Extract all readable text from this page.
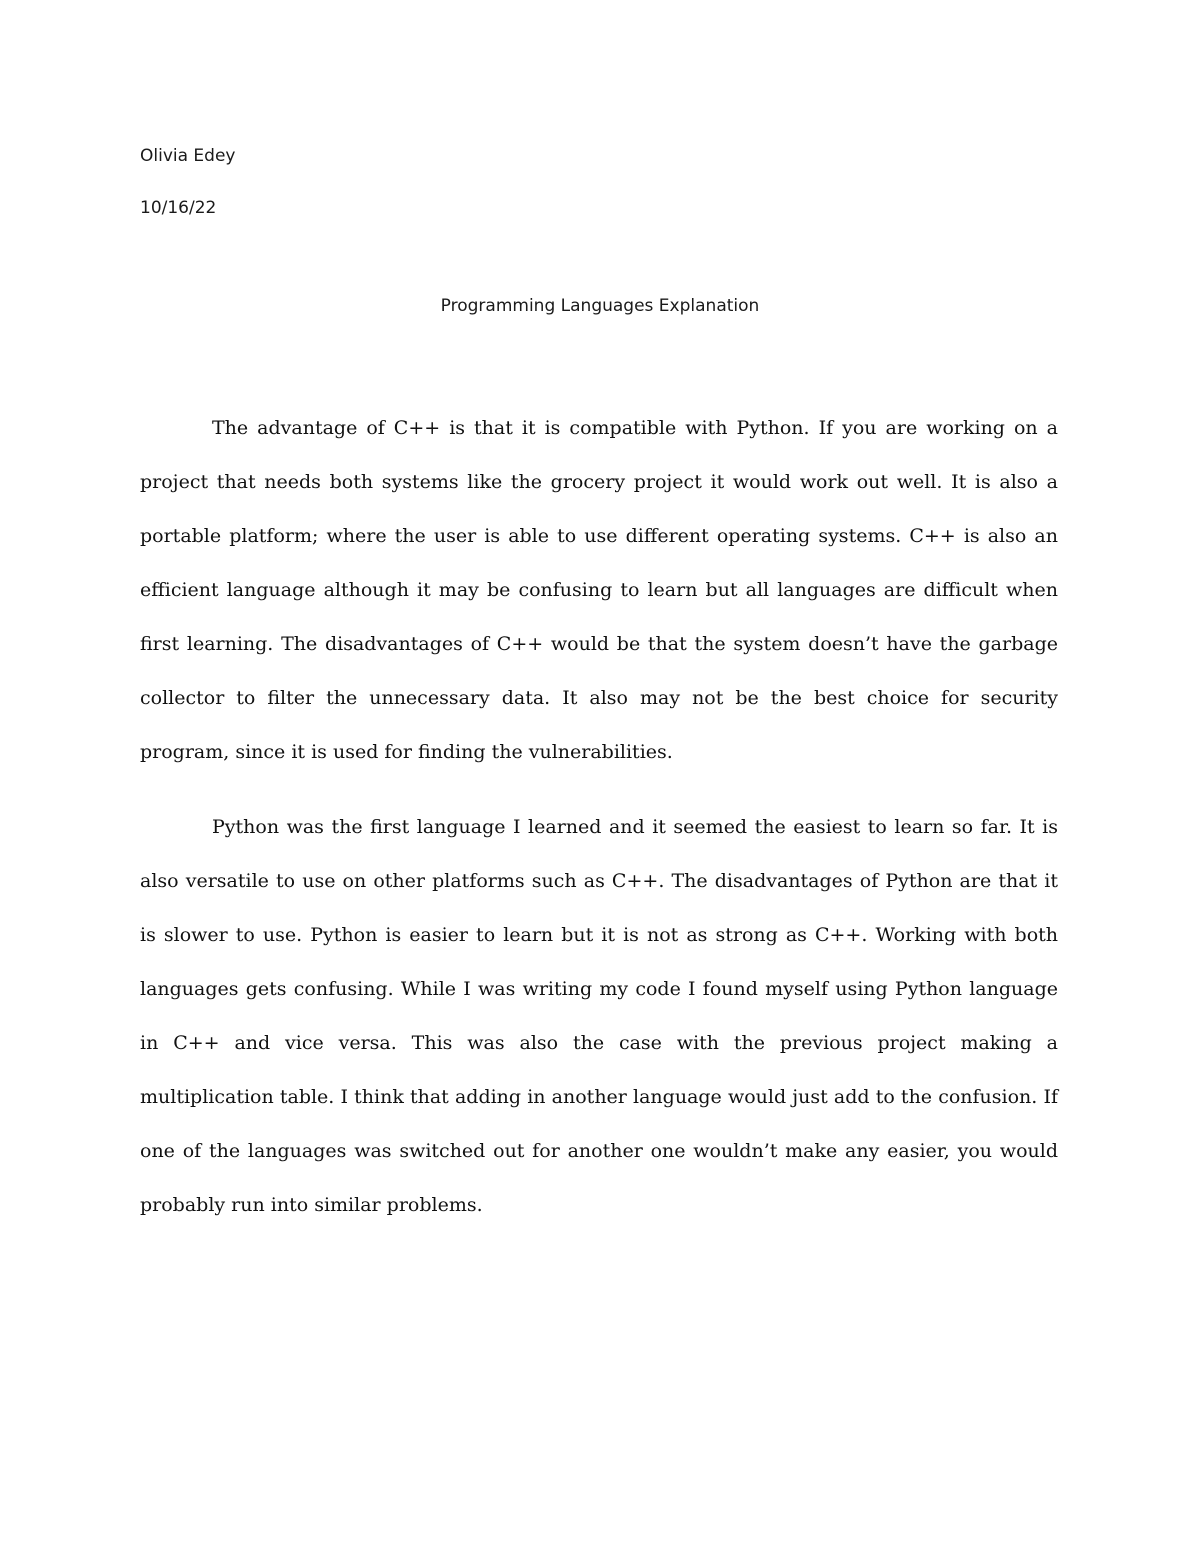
Olivia Edey

10/16/22

Programming Languages Explanation

The advantage of C++ is that it is compatible with Python. If you are working on a project that needs both systems like the grocery project it would work out well. It is also a portable platform; where the user is able to use different operating systems. C++ is also an efficient language although it may be confusing to learn but all languages are difficult when first learning. The disadvantages of C++ would be that the system doesn’t have the garbage collector to filter the unnecessary data. It also may not be the best choice for security program, since it is used for finding the vulnerabilities.

Python was the first language I learned and it seemed the easiest to learn so far. It is also versatile to use on other platforms such as C++. The disadvantages of Python are that it is slower to use. Python is easier to learn but it is not as strong as C++. Working with both languages gets confusing. While I was writing my code I found myself using Python language in C++ and vice versa. This was also the case with the previous project making a multiplication table. I think that adding in another language would just add to the confusion. If one of the languages was switched out for another one wouldn’t make any easier, you would probably run into similar problems.
